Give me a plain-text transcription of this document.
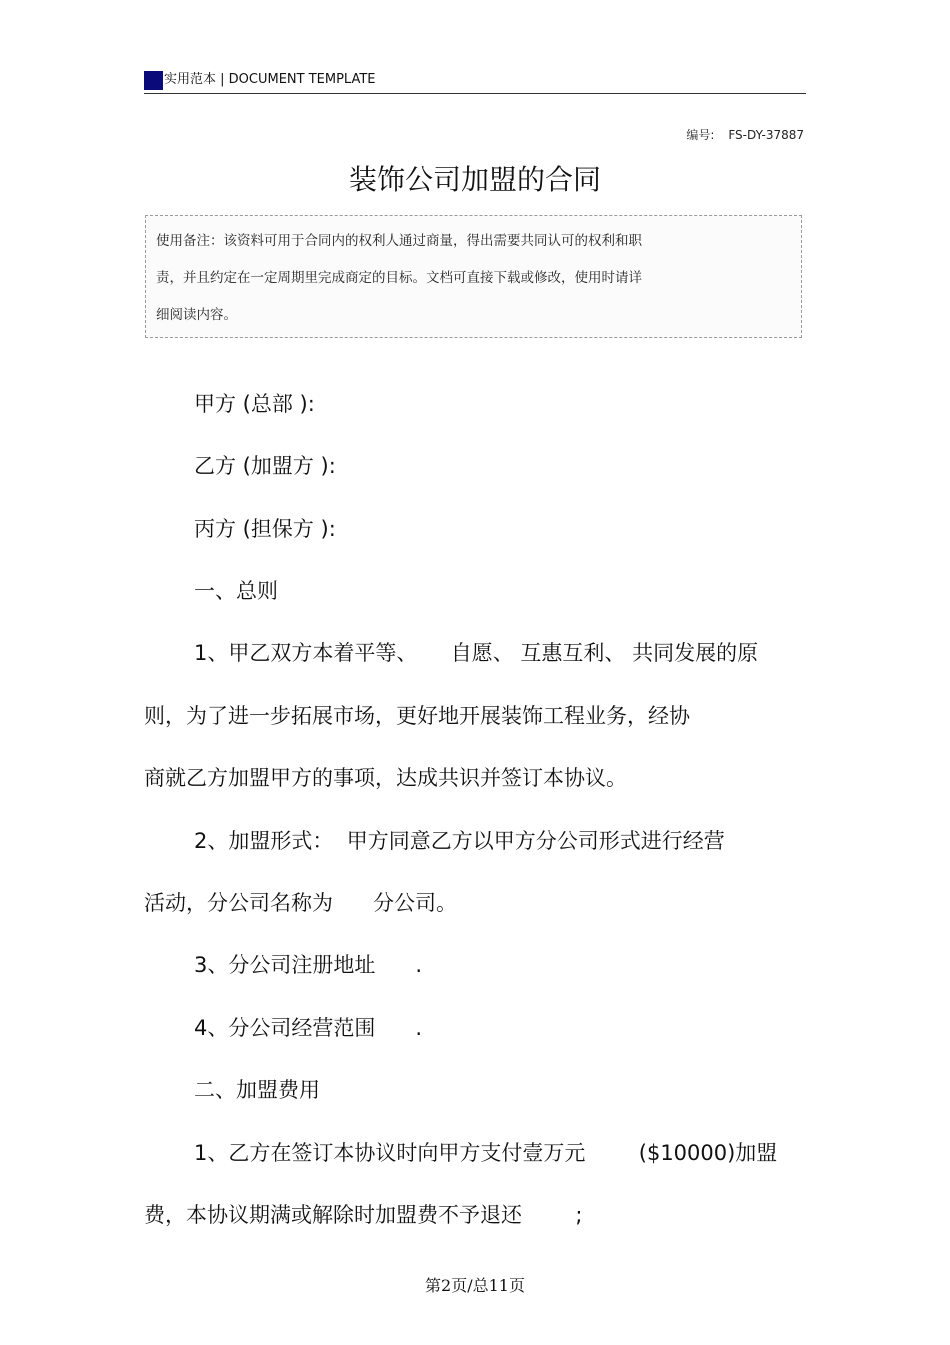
实用范本 | DOCUMENT TEMPLATE
编号: FS-DY-37887
装饰公司加盟的合同

使用备注：该资料可用于合同内的权利人通过商量，得出需要共同认可的权利和职

责，并且约定在一定周期里完成商定的目标。文档可直接下载或修改，使用时请详

细阅读内容。

甲方 (总部 ):

乙方 (加盟方 ):

丙方 (担保方 ):

一、总则

1、甲乙双方本着平等、     自愿、 互惠互利、 共同发展的原

则，为了进一步拓展市场，更好地开展装饰工程业务，经协

商就乙方加盟甲方的事项，达成共识并签订本协议。

2、加盟形式：  甲方同意乙方以甲方分公司形式进行经营

活动，分公司名称为      分公司。

3、分公司注册地址      .

4、分公司经营范围      .

二、加盟费用

1、乙方在签订本协议时向甲方支付壹万元        ($10000)加盟

费，本协议期满或解除时加盟费不予退还        ;

第2页/总11页
